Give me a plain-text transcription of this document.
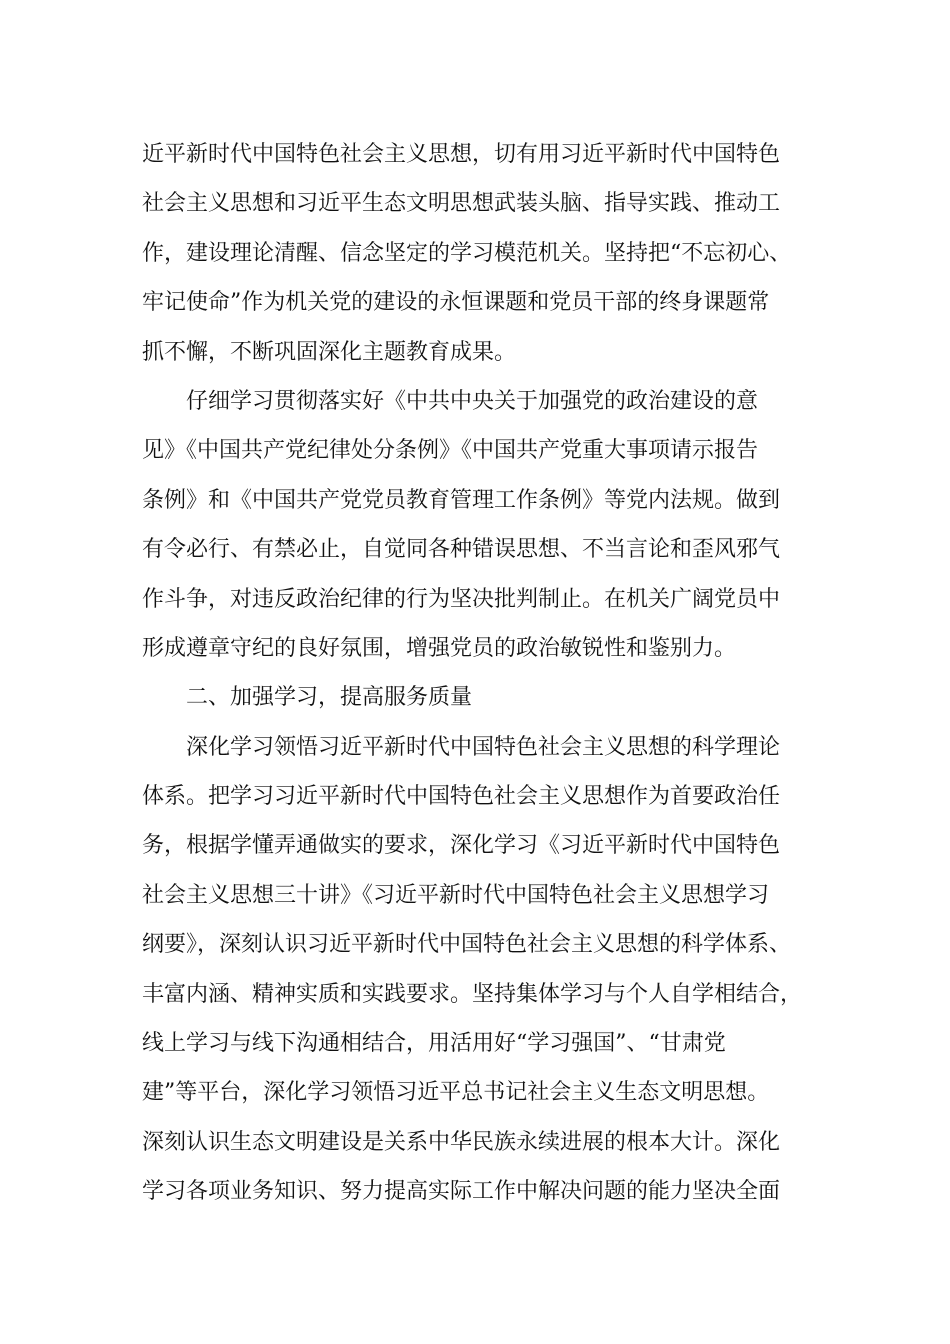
近平新时代中国特色社会主义思想，切有用习近平新时代中国特色
社会主义思想和习近平生态文明思想武装头脑、指导实践、推动工
作，建设理论清醒、信念坚定的学习模范机关。坚持把“不忘初心、
牢记使命”作为机关党的建设的永恒课题和党员干部的终身课题常
抓不懈，不断巩固深化主题教育成果。
　　仔细学习贯彻落实好《中共中央关于加强党的政治建设的意
见》《中国共产党纪律处分条例》《中国共产党重大事项请示报告
条例》和《中国共产党党员教育管理工作条例》等党内法规。做到
有令必行、有禁必止，自觉同各种错误思想、不当言论和歪风邪气
作斗争，对违反政治纪律的行为坚决批判制止。在机关广阔党员中
形成遵章守纪的良好氛围，增强党员的政治敏锐性和鉴别力。
　　二、加强学习，提高服务质量
　　深化学习领悟习近平新时代中国特色社会主义思想的科学理论
体系。把学习习近平新时代中国特色社会主义思想作为首要政治任
务，根据学懂弄通做实的要求，深化学习《习近平新时代中国特色
社会主义思想三十讲》《习近平新时代中国特色社会主义思想学习
纲要》，深刻认识习近平新时代中国特色社会主义思想的科学体系、
丰富内涵、精神实质和实践要求。坚持集体学习与个人自学相结合，
线上学习与线下沟通相结合，用活用好“学习强国”、“甘肃党
建”等平台，深化学习领悟习近平总书记社会主义生态文明思想。
深刻认识生态文明建设是关系中华民族永续进展的根本大计。深化
学习各项业务知识、努力提高实际工作中解决问题的能力坚决全面
